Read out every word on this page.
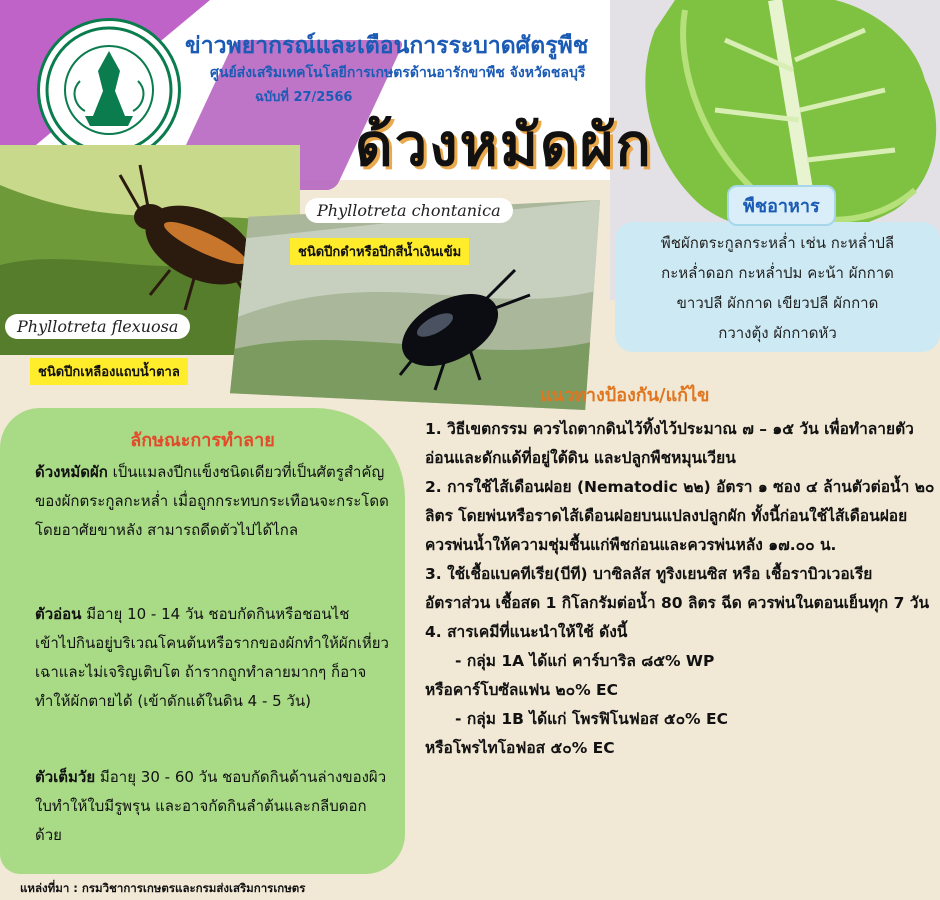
ข่าวพยากรณ์และเตือนการระบาดศัตรูพืช
ศูนย์ส่งเสริมเทคโนโลยีการเกษตรด้านอารักขาพืช จังหวัดชลบุรี
ฉบับที่ 27/2566
ด้วงหมัดผัก
Phyllotreta chontanica
ชนิดปีกดำหรือปีกสีน้ำเงินเข้ม
Phyllotreta flexuosa
ชนิดปีกเหลืองแถบน้ำตาล
พืชผักตระกูลกระหล่ำ เช่น กะหล่ำปลี
กะหล่ำดอก กะหล่ำปม คะน้า ผักกาด
ขาวปลี ผักกาด เขียวปลี ผักกาด
กวางตุ้ง ผักกาดหัว
พืชอาหาร
ลักษณะการทำลาย
ด้วงหมัดผัก เป็นแมลงปีกแข็งชนิดเดียวที่เป็นศัตรูสำคัญของผักตระกูลกะหล่ำ เมื่อถูกกระทบกระเทือนจะกระโดด โดยอาศัยขาหลัง สามารถดีดตัวไปได้ไกล
ตัวอ่อน มีอายุ 10 - 14 วัน ชอบกัดกินหรือชอนไชเข้าไปกินอยู่บริเวณโคนต้นหรือรากของผักทำให้ผักเหี่ยวเฉาและไม่เจริญเติบโต ถ้ารากถูกทำลายมากๆ ก็อาจทำให้ผักตายได้ (เข้าดักแด้ในดิน 4 - 5 วัน)
ตัวเต็มวัย มีอายุ 30 - 60 วัน ชอบกัดกินด้านล่างของผิวใบทำให้ใบมีรูพรุน และอาจกัดกินลำต้นและกลีบดอกด้วย
แนวทางป้องกัน/แก้ไข
1. วิธีเขตกรรม ควรไถตากดินไว้ทิ้งไว้ประมาณ ๗ – ๑๕ วัน เพื่อทำลายตัวอ่อนและดักแด้ที่อยู่ใต้ดิน และปลูกพืชหมุนเวียน
2. การใช้ไส้เดือนฝอย (Nematodic ๒๒) อัตรา ๑ ซอง ๔ ล้านตัวต่อน้ำ ๒๐ ลิตร โดยพ่นหรือราดไส้เดือนฝอยบนแปลงปลูกผัก ทั้งนี้ก่อนใช้ไส้เดือนฝอย ควรพ่นน้ำให้ความชุ่มชื้นแก่พืชก่อนและควรพ่นหลัง ๑๗.๐๐ น.
3. ใช้เชื้อแบคทีเรีย(บีที) บาซิลลัส ทูริงเยนซิส หรือ เชื้อราบิวเวอเรีย อัตราส่วน เชื้อสด 1 กิโลกรัมต่อน้ำ 80 ลิตร ฉีด ควรพ่นในตอนเย็นทุก 7 วัน
4. สารเคมีที่แนะนำให้ใช้ ดังนี้
- กลุ่ม 1A ได้แก่ คาร์บาริล ๘๕% WP
หรือคาร์โบซัลแฟน ๒๐% EC
- กลุ่ม 1B ได้แก่ โพรฟิโนฟอส ๕๐% EC
หรือโพรไทโอฟอส ๕๐% EC
แหล่งที่มา : กรมวิชาการเกษตรและกรมส่งเสริมการเกษตร
